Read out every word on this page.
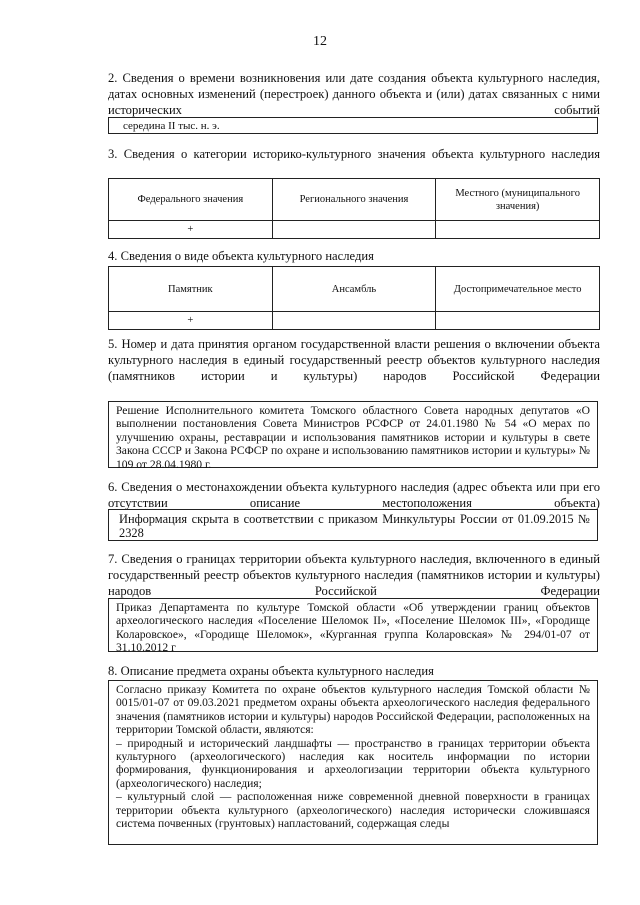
12
2. Сведения о времени возникновения или дате создания объекта культурного наследия, датах основных изменений (перестроек) данного объекта и (или) датах связанных с ними исторических событий
середина II тыс. н. э.
3. Сведения о категории историко-культурного значения объекта культурного наследия
Федерального значения	Регионального значения	Местного (муниципального значения)
+		
4. Сведения о виде объекта культурного наследия
Памятник	Ансамбль	Достопримечательное место
+		
5. Номер и дата принятия органом государственной власти решения о включении объекта культурного наследия в единый государственный реестр объектов культурного наследия (памятников истории и культуры) народов Российской Федерации
Решение Исполнительного комитета Томского областного Совета народных депутатов «О выполнении постановления Совета Министров РСФСР от 24.01.1980 № 54 «О мерах по улучшению охраны, реставрации и использования памятников истории и культуры в свете Закона СССР и Закона РСФСР по охране и использованию памятников истории и культуры» № 109 от 28.04.1980 г.
6. Сведения о местонахождении объекта культурного наследия (адрес объекта или при его отсутствии описание местоположения объекта)
Информация скрыта в соответствии с приказом Минкультуры России от 01.09.2015 № 2328
7. Сведения о границах территории объекта культурного наследия, включенного в единый государственный реестр объектов культурного наследия (памятников истории и культуры) народов Российской Федерации
Приказ Департамента по культуре Томской области «Об утверждении границ объектов археологического наследия «Поселение Шеломок II», «Поселение Шеломок III», «Городище Коларовское», «Городище Шеломок», «Курганная группа Коларовская» № 294/01-07 от 31.10.2012 г
8. Описание предмета охраны объекта культурного наследия
Согласно приказу Комитета по охране объектов культурного наследия Томской области № 0015/01-07 от 09.03.2021 предметом охраны объекта археологического наследия федерального значения (памятников истории и культуры) народов Российской Федерации, расположенных на территории Томской области, являются:
– природный и исторический ландшафты — пространство в границах территории объекта культурного (археологического) наследия как носитель информации по истории формирования, функционирования и археологизации территории объекта культурного (археологического) наследия;
– культурный слой — расположенная ниже современной дневной поверхности в границах территории объекта культурного (археологического) наследия исторически сложившаяся система почвенных (грунтовых) напластований, содержащая следы
